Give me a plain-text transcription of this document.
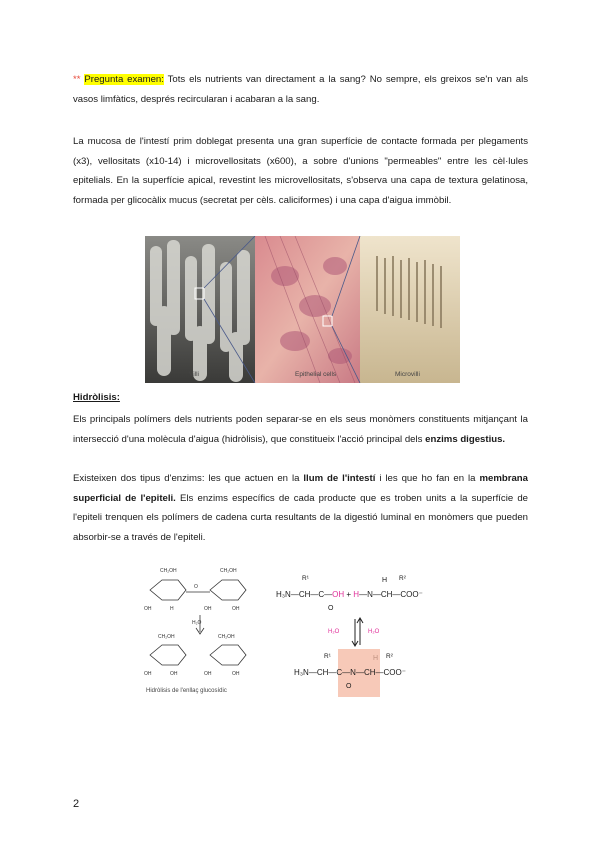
** Pregunta examen: Tots els nutrients van directament a la sang? No sempre, els greixos se'n van als vasos limfàtics, després recircularan i acabaran a la sang.
La mucosa de l'intestí prim doblegat presenta una gran superfície de contacte formada per plegaments (x3), vellositats (x10-14) i microvellositats (x600), a sobre d'unions "permeables" entre les cèl·lules epitelials. En la superfície apical, revestint les microvellositats, s'observa una capa de textura gelatinosa, formada per glicocàlix mucus (secretat per cèls. caliciformes) i una capa d'aigua immòbil.
Villi	Epithelial cells	Microvilli
Hidròlisis:
Els principals polímers dels nutrients poden separar-se en els seus monòmers constituents mitjançant la intersecció d'una molècula d'aigua (hidròlisis), que constitueix l'acció principal dels enzims digestius.
Existeixen dos tipus d'enzims: les que actuen en la llum de l'intestí i les que ho fan en la membrana superficial de l'epiteli. Els enzims específics de cada producte que es troben units a la superfície de l'epiteli trenquen els polímers de cadena curta resultants de la digestió luminal en monòmers que pueden absorbir-se a través de l'epiteli.
CH₂OH	CH₂OH
O
H₂O
CH₂OH	CH₂OH
OH	H	OH	OH
OH	OH	OH	OH
Hidròlisis de l'enllaç glucosídic
R¹	H R²
H₃N—CH—C—OH + H—N—CH—COO⁻
O
H₂O	H₂O
R¹	R²
H₃N—CH—C—N—CH—COO⁻
O
2
